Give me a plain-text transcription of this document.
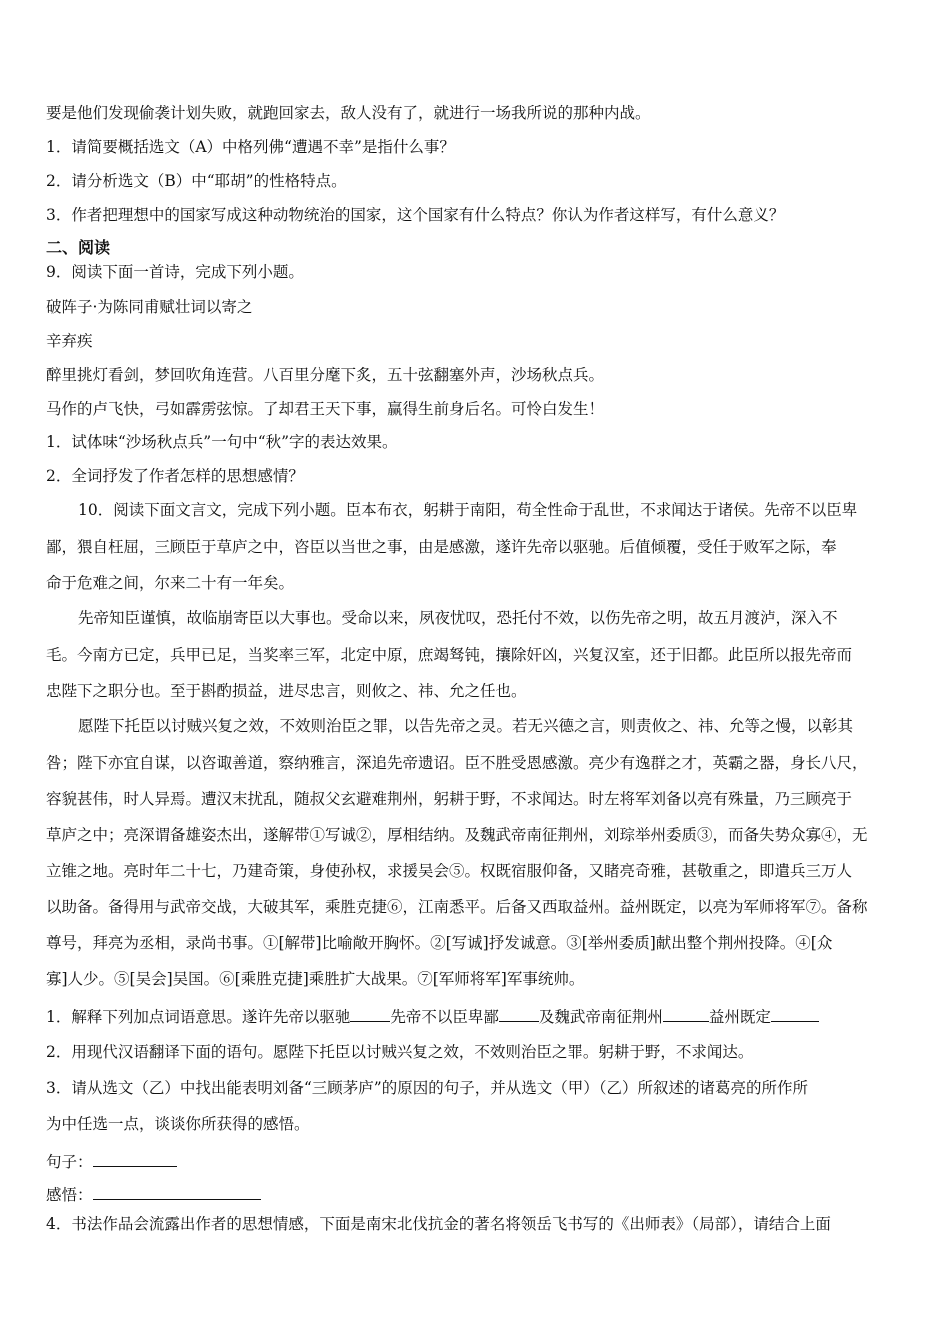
要是他们发现偷袭计划失败，就跑回家去，敌人没有了，就进行一场我所说的那种内战。
1．请简要概括选文（A）中格列佛“遭遇不幸”是指什么事？
2．请分析选文（B）中“耶胡”的性格特点。
3．作者把理想中的国家写成这种动物统治的国家，这个国家有什么特点？你认为作者这样写，有什么意义？
二、阅读
9．阅读下面一首诗，完成下列小题。
破阵子·为陈同甫赋壮词以寄之
辛弃疾
醉里挑灯看剑，梦回吹角连营。八百里分麾下炙，五十弦翻塞外声，沙场秋点兵。
马作的卢飞快，弓如霹雳弦惊。了却君王天下事，赢得生前身后名。可怜白发生！
1．试体味“沙场秋点兵”一句中“秋”字的表达效果。
2．全词抒发了作者怎样的思想感情？
10．阅读下面文言文，完成下列小题。臣本布衣，躬耕于南阳，苟全性命于乱世，不求闻达于诸侯。先帝不以臣卑
鄙，猥自枉屈，三顾臣于草庐之中，咨臣以当世之事，由是感激，遂许先帝以驱驰。后值倾覆，受任于败军之际，奉
命于危难之间，尔来二十有一年矣。
先帝知臣谨慎，故临崩寄臣以大事也。受命以来，夙夜忧叹，恐托付不效，以伤先帝之明，故五月渡泸，深入不
毛。今南方已定，兵甲已足，当奖率三军，北定中原，庶竭驽钝，攘除奸凶，兴复汉室，还于旧都。此臣所以报先帝而
忠陛下之职分也。至于斟酌损益，进尽忠言，则攸之、祎、允之任也。
愿陛下托臣以讨贼兴复之效，不效则治臣之罪，以告先帝之灵。若无兴德之言，则责攸之、祎、允等之慢，以彰其
咎；陛下亦宜自谋，以咨诹善道，察纳雅言，深追先帝遗诏。臣不胜受恩感激。亮少有逸群之才，英霸之器，身长八尺，
容貌甚伟，时人异焉。遭汉末扰乱，随叔父玄避难荆州，躬耕于野，不求闻达。时左将军刘备以亮有殊量，乃三顾亮于
草庐之中；亮深谓备雄姿杰出，遂解带①写诚②，厚相结纳。及魏武帝南征荆州，刘琮举州委质③，而备失势众寡④，无
立锥之地。亮时年二十七，乃建奇策，身使孙权，求援吴会⑤。权既宿服仰备，又睹亮奇雅，甚敬重之，即遣兵三万人
以助备。备得用与武帝交战，大破其军，乘胜克捷⑥，江南悉平。后备又西取益州。益州既定，以亮为军师将军⑦。备称
尊号，拜亮为丞相，录尚书事。①[解带]比喻敞开胸怀。②[写诚]抒发诚意。③[举州委质]献出整个荆州投降。④[众
寡]人少。⑤[吴会]吴国。⑥[乘胜克捷]乘胜扩大战果。⑦[军师将军]军事统帅。
1．解释下列加点词语意思。遂许先帝以驱驰	先帝不以臣卑鄙	及魏武帝南征荆州	益州既定
2．用现代汉语翻译下面的语句。愿陛下托臣以讨贼兴复之效，不效则治臣之罪。躬耕于野，不求闻达。
3．请从选文（乙）中找出能表明刘备“三顾茅庐”的原因的句子，并从选文（甲）（乙）所叙述的诸葛亮的所作所
为中任选一点，谈谈你所获得的感悟。
句子：
感悟：
4．书法作品会流露出作者的思想情感，下面是南宋北伐抗金的著名将领岳飞书写的《出师表》（局部），请结合上面
